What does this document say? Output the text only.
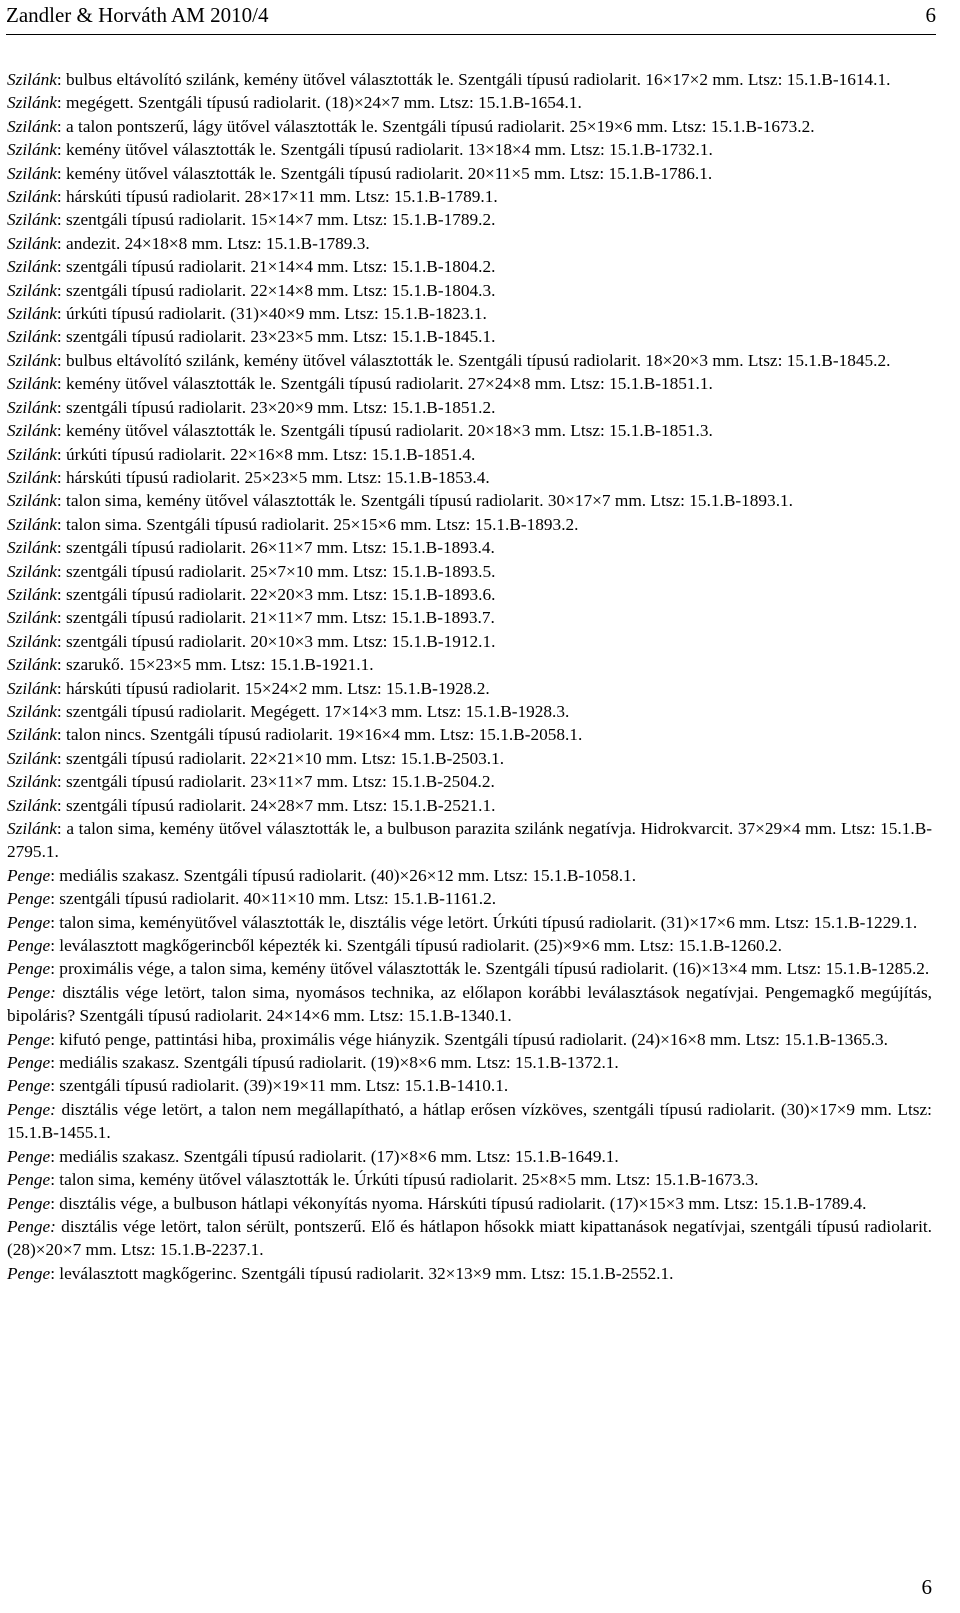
Zandler & Horváth AM 2010/4	6
Szilánk: bulbus eltávolító szilánk, kemény ütővel választották le. Szentgáli típusú radiolarit. 16×17×2 mm. Ltsz: 15.1.B-1614.1.
Szilánk: megégett. Szentgáli típusú radiolarit. (18)×24×7 mm. Ltsz: 15.1.B-1654.1.
Szilánk: a talon pontszerű, lágy ütővel választották le. Szentgáli típusú radiolarit. 25×19×6 mm. Ltsz: 15.1.B-1673.2.
Szilánk: kemény ütővel választották le. Szentgáli típusú radiolarit. 13×18×4 mm. Ltsz: 15.1.B-1732.1.
Szilánk: kemény ütővel választották le. Szentgáli típusú radiolarit. 20×11×5 mm. Ltsz: 15.1.B-1786.1.
Szilánk: hárskúti típusú radiolarit. 28×17×11 mm. Ltsz: 15.1.B-1789.1.
Szilánk: szentgáli típusú radiolarit. 15×14×7 mm. Ltsz: 15.1.B-1789.2.
Szilánk: andezit. 24×18×8 mm. Ltsz: 15.1.B-1789.3.
Szilánk: szentgáli típusú radiolarit. 21×14×4 mm. Ltsz: 15.1.B-1804.2.
Szilánk: szentgáli típusú radiolarit. 22×14×8 mm. Ltsz: 15.1.B-1804.3.
Szilánk: úrkúti típusú radiolarit. (31)×40×9 mm. Ltsz: 15.1.B-1823.1.
Szilánk: szentgáli típusú radiolarit. 23×23×5 mm. Ltsz: 15.1.B-1845.1.
Szilánk: bulbus eltávolító szilánk, kemény ütővel választották le. Szentgáli típusú radiolarit. 18×20×3 mm. Ltsz: 15.1.B-1845.2.
Szilánk: kemény ütővel választották le. Szentgáli típusú radiolarit. 27×24×8 mm. Ltsz: 15.1.B-1851.1.
Szilánk: szentgáli típusú radiolarit. 23×20×9 mm. Ltsz: 15.1.B-1851.2.
Szilánk: kemény ütővel választották le. Szentgáli típusú radiolarit. 20×18×3 mm. Ltsz: 15.1.B-1851.3.
Szilánk: úrkúti típusú radiolarit. 22×16×8 mm. Ltsz: 15.1.B-1851.4.
Szilánk: hárskúti típusú radiolarit. 25×23×5 mm. Ltsz: 15.1.B-1853.4.
Szilánk: talon sima, kemény ütővel választották le. Szentgáli típusú radiolarit. 30×17×7 mm. Ltsz: 15.1.B-1893.1.
Szilánk: talon sima. Szentgáli típusú radiolarit. 25×15×6 mm. Ltsz: 15.1.B-1893.2.
Szilánk: szentgáli típusú radiolarit. 26×11×7 mm. Ltsz: 15.1.B-1893.4.
Szilánk: szentgáli típusú radiolarit. 25×7×10 mm. Ltsz: 15.1.B-1893.5.
Szilánk: szentgáli típusú radiolarit. 22×20×3 mm. Ltsz: 15.1.B-1893.6.
Szilánk: szentgáli típusú radiolarit. 21×11×7 mm. Ltsz: 15.1.B-1893.7.
Szilánk: szentgáli típusú radiolarit. 20×10×3 mm. Ltsz: 15.1.B-1912.1.
Szilánk: szarukő. 15×23×5 mm. Ltsz: 15.1.B-1921.1.
Szilánk: hárskúti típusú radiolarit. 15×24×2 mm. Ltsz: 15.1.B-1928.2.
Szilánk: szentgáli típusú radiolarit. Megégett. 17×14×3 mm. Ltsz: 15.1.B-1928.3.
Szilánk: talon nincs. Szentgáli típusú radiolarit. 19×16×4 mm. Ltsz: 15.1.B-2058.1.
Szilánk: szentgáli típusú radiolarit. 22×21×10 mm. Ltsz: 15.1.B-2503.1.
Szilánk: szentgáli típusú radiolarit. 23×11×7 mm. Ltsz: 15.1.B-2504.2.
Szilánk: szentgáli típusú radiolarit. 24×28×7 mm. Ltsz: 15.1.B-2521.1.
Szilánk: a talon sima, kemény ütővel választották le, a bulbuson parazita szilánk negatívja. Hidrokvarcit. 37×29×4 mm. Ltsz: 15.1.B-2795.1.
Penge: mediális szakasz. Szentgáli típusú radiolarit. (40)×26×12 mm. Ltsz: 15.1.B-1058.1.
Penge: szentgáli típusú radiolarit. 40×11×10 mm. Ltsz: 15.1.B-1161.2.
Penge: talon sima, keményütővel választották le, disztális vége letört. Úrkúti típusú radiolarit. (31)×17×6 mm. Ltsz: 15.1.B-1229.1.
Penge: leválasztott magkőgerincből képezték ki. Szentgáli típusú radiolarit. (25)×9×6 mm. Ltsz: 15.1.B-1260.2.
Penge: proximális vége, a talon sima, kemény ütővel választották le. Szentgáli típusú radiolarit. (16)×13×4 mm. Ltsz: 15.1.B-1285.2.
Penge: disztális vége letört, talon sima, nyomásos technika, az előlapon korábbi leválasztások negatívjai. Pengemagkő megújítás, bipoláris? Szentgáli típusú radiolarit. 24×14×6 mm. Ltsz: 15.1.B-1340.1.
Penge: kifutó penge, pattintási hiba, proximális vége hiányzik. Szentgáli típusú radiolarit. (24)×16×8 mm. Ltsz: 15.1.B-1365.3.
Penge: mediális szakasz. Szentgáli típusú radiolarit. (19)×8×6 mm. Ltsz: 15.1.B-1372.1.
Penge: szentgáli típusú radiolarit. (39)×19×11 mm. Ltsz: 15.1.B-1410.1.
Penge: disztális vége letört, a talon nem megállapítható, a hátlap erősen vízköves, szentgáli típusú radiolarit. (30)×17×9 mm. Ltsz: 15.1.B-1455.1.
Penge: mediális szakasz. Szentgáli típusú radiolarit. (17)×8×6 mm. Ltsz: 15.1.B-1649.1.
Penge: talon sima, kemény ütővel választották le. Úrkúti típusú radiolarit. 25×8×5 mm. Ltsz: 15.1.B-1673.3.
Penge: disztális vége, a bulbuson hátlapi vékonyítás nyoma. Hárskúti típusú radiolarit. (17)×15×3 mm. Ltsz: 15.1.B-1789.4.
Penge: disztális vége letört, talon sérült, pontszerű. Elő és hátlapon hősokk miatt kipattanások negatívjai, szentgáli típusú radiolarit. (28)×20×7 mm. Ltsz: 15.1.B-2237.1.
Penge: leválasztott magkőgerinc. Szentgáli típusú radiolarit. 32×13×9 mm. Ltsz: 15.1.B-2552.1.
6
